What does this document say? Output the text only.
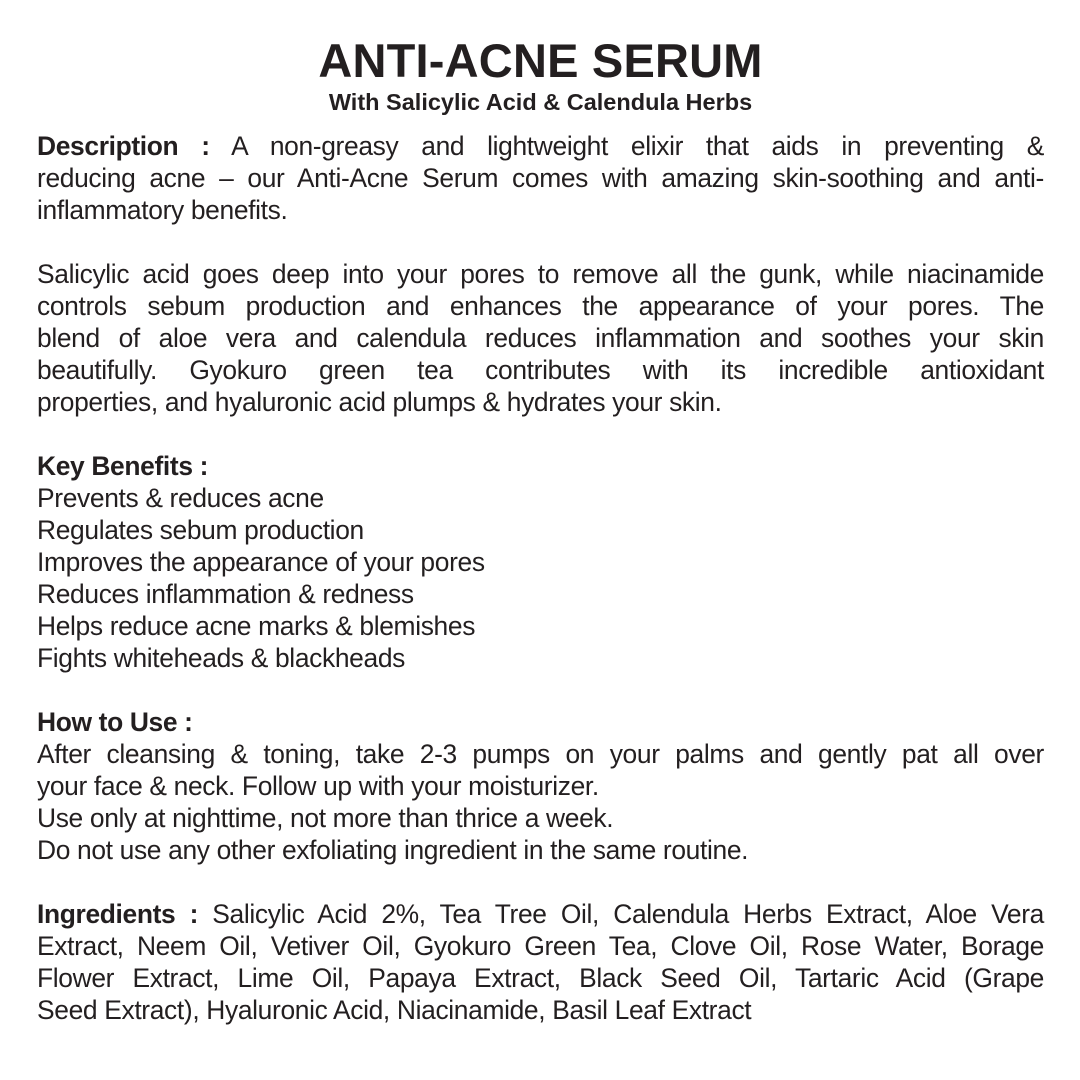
ANTI-ACNE SERUM
With Salicylic Acid & Calendula Herbs
Description : A non-greasy and lightweight elixir that aids in preventing &
reducing acne – our Anti-Acne Serum comes with amazing skin-soothing and anti-
inflammatory benefits.
Salicylic acid goes deep into your pores to remove all the gunk, while niacinamide
controls sebum production and enhances the appearance of your pores. The
blend of aloe vera and calendula reduces inflammation and soothes your skin
beautifully. Gyokuro green tea contributes with its incredible antioxidant
properties, and hyaluronic acid plumps & hydrates your skin.
Key Benefits :
Prevents & reduces acne
Regulates sebum production
Improves the appearance of your pores
Reduces inflammation & redness
Helps reduce acne marks & blemishes
Fights whiteheads & blackheads
How to Use :
After cleansing & toning, take 2-3 pumps on your palms and gently pat all over
your face & neck. Follow up with your moisturizer.
Use only at nighttime, not more than thrice a week.
Do not use any other exfoliating ingredient in the same routine.
Ingredients : Salicylic Acid 2%, Tea Tree Oil, Calendula Herbs Extract, Aloe Vera
Extract, Neem Oil, Vetiver Oil, Gyokuro Green Tea, Clove Oil, Rose Water, Borage
Flower Extract, Lime Oil, Papaya Extract, Black Seed Oil, Tartaric Acid (Grape
Seed Extract), Hyaluronic Acid, Niacinamide, Basil Leaf Extract
